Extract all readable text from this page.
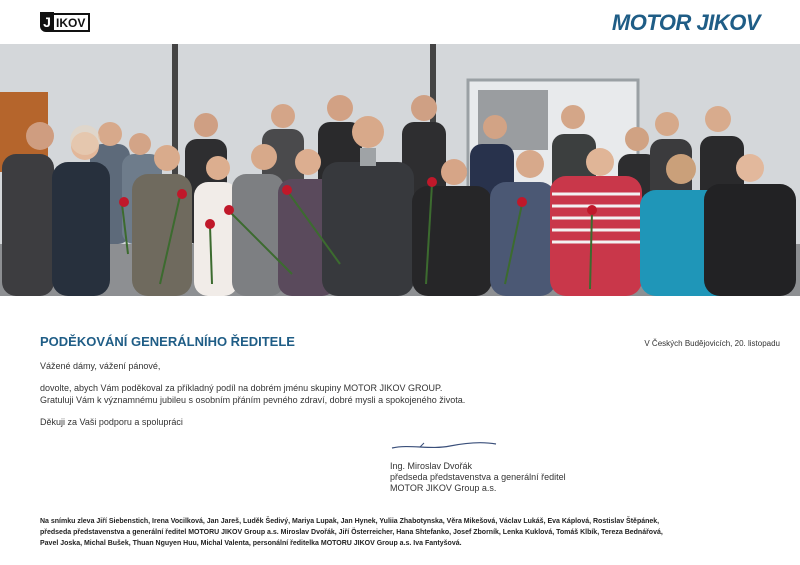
J IKOV	MOTOR JIKOV
PODĚKOVÁNÍ GENERÁLNÍHO ŘEDITELE	V Českých Budějovicích, 20. listopadu
Vážené dámy, vážení pánové,
dovolte, abych Vám poděkoval za příkladný podíl na dobrém jménu skupiny MOTOR JIKOV GROUP.
Gratuluji Vám k významnému jubileu s osobním přáním pevného zdraví, dobré mysli a spokojeného života.
Děkuji za Vaši podporu a spolupráci
Ing. Miroslav Dvořák
předseda představenstva a generální ředitel
MOTOR JIKOV Group a.s.
Na snímku zleva Jiří Siebenstich, Irena Vocilková, Jan Jareš, Luděk Šedivý, Mariya Lupak, Jan Hynek, Yuliia Zhabotynska, Věra Mikešová, Václav Lukáš, Eva Káplová, Rostislav Štěpánek,
předseda představenstva a generální ředitel MOTORU JIKOV Group a.s. Miroslav Dvořák, Jiří Österreicher, Hana Shtefanko, Josef Zborník, Lenka Kuklová, Tomáš Klbík, Tereza Bednářová,
Pavel Joska, Michal Bušek, Thuan Nguyen Huu, Michal Valenta, personální ředitelka MOTORU JIKOV Group a.s. Iva Fantyšová.
